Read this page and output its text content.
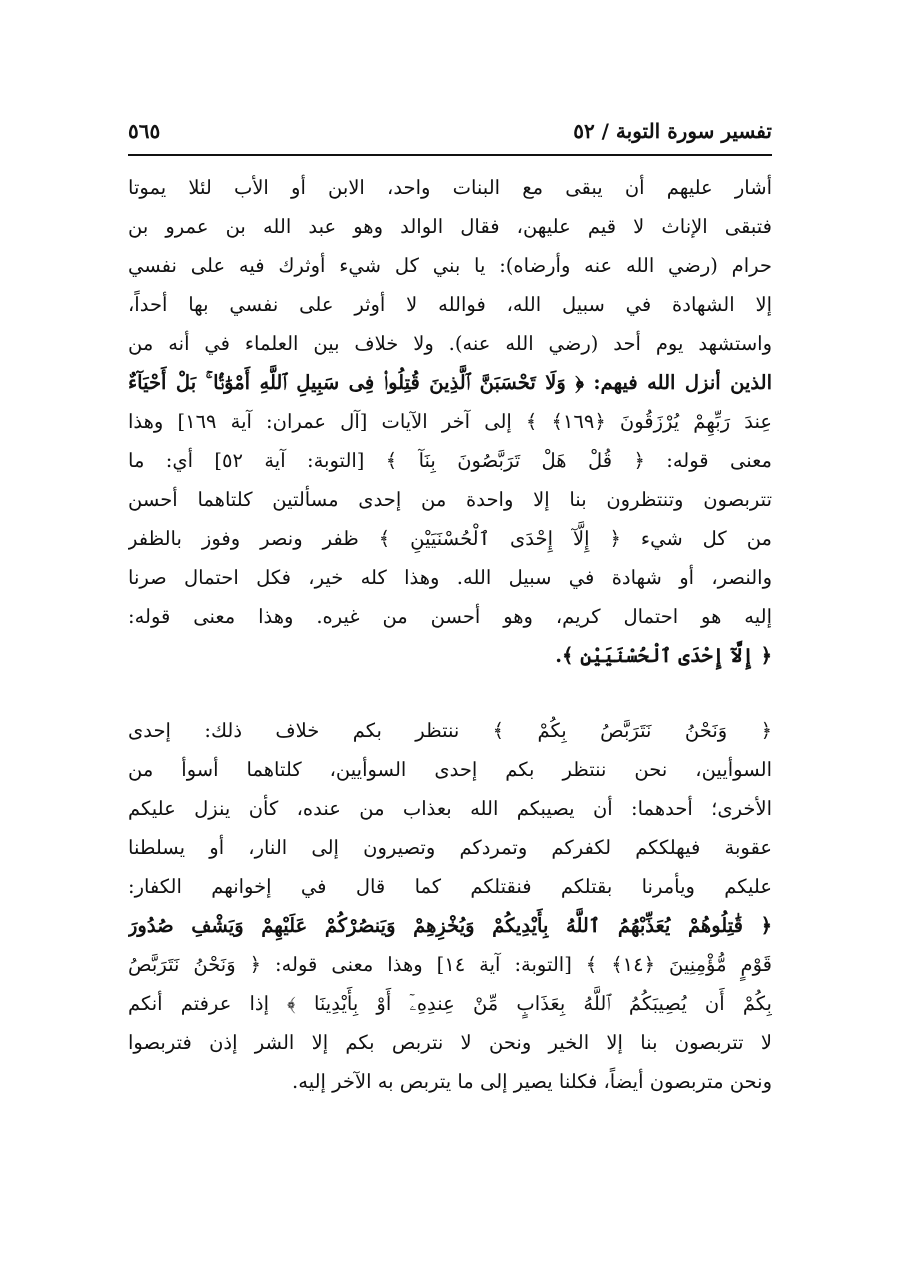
تفسير سورة التوبة / ٥٢
٥٦٥
أشار عليهم أن يبقى مع البنات واحد، الابن أو الأب لئلا يموتا
فتبقى الإناث لا قيم عليهن، فقال الوالد وهو عبد الله بن عمرو بن
حرام (رضي الله عنه وأرضاه): يا بني كل شيء أوثرك فيه على نفسي
إلا الشهادة في سبيل الله، فوالله لا أوثر على نفسي بها أحداً،
واستشهد يوم أحد (رضي الله عنه). ولا خلاف بين العلماء في أنه من
الذين أنزل الله فيهم: ﴿ وَلَا تَحْسَبَنَّ ٱلَّذِينَ قُتِلُوا۟ فِى سَبِيلِ ٱللَّهِ أَمْوَٰتًۢا ۚ بَلْ أَحْيَآءٌ
عِندَ رَبِّهِمْ يُرْزَقُونَ ﴿١٦٩﴾ ﴾ إلى آخر الآيات [آل عمران: آية ١٦٩] وهذا
معنى قوله: ﴿ قُلْ هَلْ تَرَبَّصُونَ بِنَآ ﴾ [التوبة: آية ٥٢] أي: ما
تتربصون وتنتظرون بنا إلا واحدة من إحدى مسألتين كلتاهما أحسن
من كل شيء ﴿ إِلَّآ إِحْدَى ٱلْحُسْنَيَيْنِ ﴾ ظفر ونصر وفوز بالظفر
والنصر، أو شهادة في سبيل الله. وهذا كله خير، فكل احتمال صرنا
إليه هو احتمال كريم، وهو أحسن من غيره. وهذا معنى قوله:
﴿ إِلَّآ إِحْدَى ٱلْحُسْنَيَيْنِ ﴾.
﴿ وَنَحْنُ نَتَرَبَّصُ بِكُمْ ﴾ ننتظر بكم خلاف ذلك: إحدى
السوأيين، نحن ننتظر بكم إحدى السوأيين، كلتاهما أسوأ من
الأخرى؛ أحدهما: أن يصيبكم الله بعذاب من عنده، كأن ينزل عليكم
عقوبة فيهلككم لكفركم وتمردكم وتصيرون إلى النار، أو يسلطنا
عليكم ويأمرنا بقتلكم فنقتلكم كما قال في إخوانهم الكفار:
﴿ قَٰتِلُوهُمْ يُعَذِّبْهُمُ ٱللَّهُ بِأَيْدِيكُمْ وَيُخْزِهِمْ وَيَنصُرْكُمْ عَلَيْهِمْ وَيَشْفِ صُدُورَ
قَوْمٍ مُّؤْمِنِينَ ﴿١٤﴾ ﴾ [التوبة: آية ١٤] وهذا معنى قوله: ﴿ وَنَحْنُ نَتَرَبَّصُ
بِكُمْ أَن يُصِيبَكُمُ ٱللَّهُ بِعَذَابٍ مِّنْ عِندِهِۦٓ أَوْ بِأَيْدِينَا ﴾ إذا عرفتم أنكم
لا تتربصون بنا إلا الخير ونحن لا نتربص بكم إلا الشر إذن فتربصوا
ونحن متربصون أيضاً، فكلنا يصير إلى ما يتربص به الآخر إليه.
